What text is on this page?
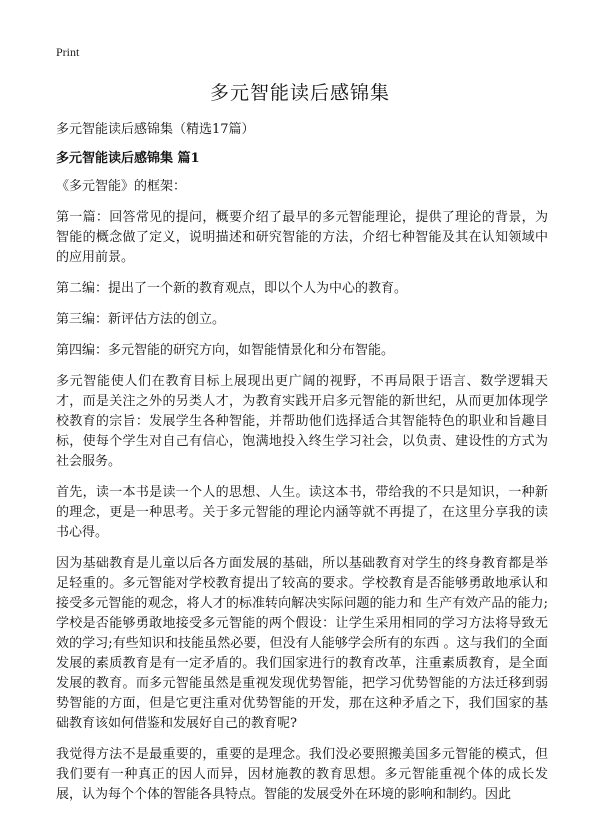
Print
多元智能读后感锦集

多元智能读后感锦集（精选17篇）

多元智能读后感锦集 篇1

《多元智能》的框架：

第一篇：回答常见的提问，概要介绍了最早的多元智能理论，提供了理论的背景，为智能的概念做了定义，说明描述和研究智能的方法，介绍七种智能及其在认知领域中的应用前景。

第二编：提出了一个新的教育观点，即以个人为中心的教育。

第三编：新评估方法的创立。

第四编：多元智能的研究方向，如智能情景化和分布智能。

多元智能使人们在教育目标上展现出更广阔的视野，不再局限于语言、数学逻辑天才，而是关注之外的另类人才，为教育实践开启多元智能的新世纪，从而更加体现学校教育的宗旨：发展学生各种智能，并帮助他们选择适合其智能特色的职业和旨趣目标，使每个学生对自己有信心，饱满地投入终生学习社会，以负责、建设性的方式为社会服务。

首先，读一本书是读一个人的思想、人生。读这本书，带给我的不只是知识，一种新的理念，更是一种思考。关于多元智能的理论内涵等就不再提了，在这里分享我的读书心得。

因为基础教育是儿童以后各方面发展的基础，所以基础教育对学生的终身教育都是举足轻重的。多元智能对学校教育提出了较高的要求。学校教育是否能够勇敢地承认和接受多元智能的观念，将人才的标准转向解决实际问题的能力和 生产有效产品的能力;学校是否能够勇敢地接受多元智能的两个假设：让学生采用相同的学习方法将导致无效的学习;有些知识和技能虽然必要，但没有人能够学会所有的东西 。这与我们的全面发展的素质教育是有一定矛盾的。我们国家进行的教育改革，注重素质教育，是全面发展的教育。而多元智能虽然是重视发现优势智能，把学习优势智能的方法迁移到弱势智能的方面，但是它更注重对优势智能的开发，那在这种矛盾之下，我们国家的基础教育该如何借鉴和发展好自己的教育呢?

我觉得方法不是最重要的，重要的是理念。我们没必要照搬美国多元智能的模式，但我们要有一种真正的因人而异，因材施教的教育思想。多元智能重视个体的成长发展，认为每个个体的智能各具特点。智能的发展受外在环境的影响和制约。因此
